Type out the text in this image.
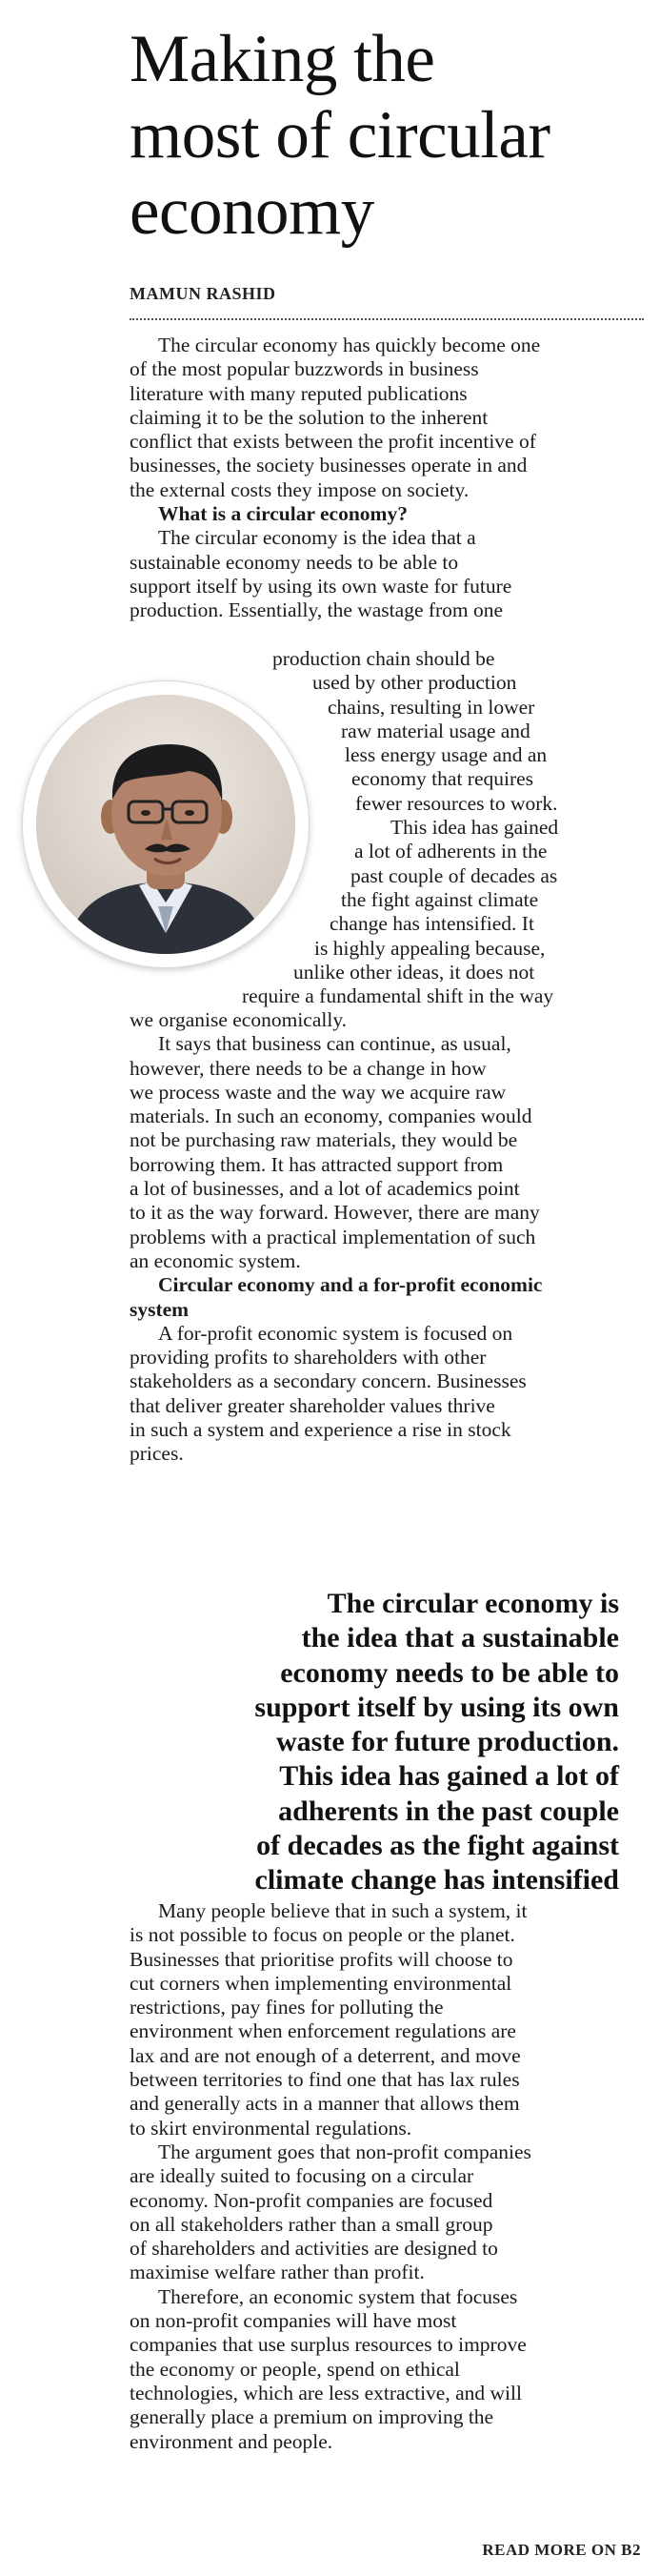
Making the
most of circular
economy
MAMUN RASHID

The circular economy has quickly become one
of the most popular buzzwords in business
literature with many reputed publications
claiming it to be the solution to the inherent
conflict that exists between the profit incentive of
businesses, the society businesses operate in and
the external costs they impose on society.

What is a circular economy?

The circular economy is the idea that a
sustainable economy needs to be able to
support itself by using its own waste for future
production. Essentially, the wastage from one

production chain should be
used by other production
chains, resulting in lower
raw material usage and
less energy usage and an
economy that requires
fewer resources to work.
This idea has gained
a lot of adherents in the
past couple of decades as
the fight against climate
change has intensified. It
is highly appealing because,
unlike other ideas, it does not
require a fundamental shift in the way

we organise economically.

It says that business can continue, as usual,
however, there needs to be a change in how
we process waste and the way we acquire raw
materials. In such an economy, companies would
not be purchasing raw materials, they would be
borrowing them. It has attracted support from
a lot of businesses, and a lot of academics point
to it as the way forward. However, there are many
problems with a practical implementation of such
an economic system.

Circular economy and a for-profit economic

system

A for-profit economic system is focused on
providing profits to shareholders with other
stakeholders as a secondary concern. Businesses
that deliver greater shareholder values thrive
in such a system and experience a rise in stock
prices.

The circular economy is
the idea that a sustainable
economy needs to be able to
support itself by using its own
waste for future production.
This idea has gained a lot of
adherents in the past couple
of decades as the fight against
climate change has intensified

Many people believe that in such a system, it
is not possible to focus on people or the planet.
Businesses that prioritise profits will choose to
cut corners when implementing environmental
restrictions, pay fines for polluting the
environment when enforcement regulations are
lax and are not enough of a deterrent, and move
between territories to find one that has lax rules
and generally acts in a manner that allows them
to skirt environmental regulations.

The argument goes that non-profit companies
are ideally suited to focusing on a circular
economy. Non-profit companies are focused
on all stakeholders rather than a small group
of shareholders and activities are designed to
maximise welfare rather than profit.

Therefore, an economic system that focuses
on non-profit companies will have most
companies that use surplus resources to improve
the economy or people, spend on ethical
technologies, which are less extractive, and will
generally place a premium on improving the
environment and people.

READ MORE ON B2
